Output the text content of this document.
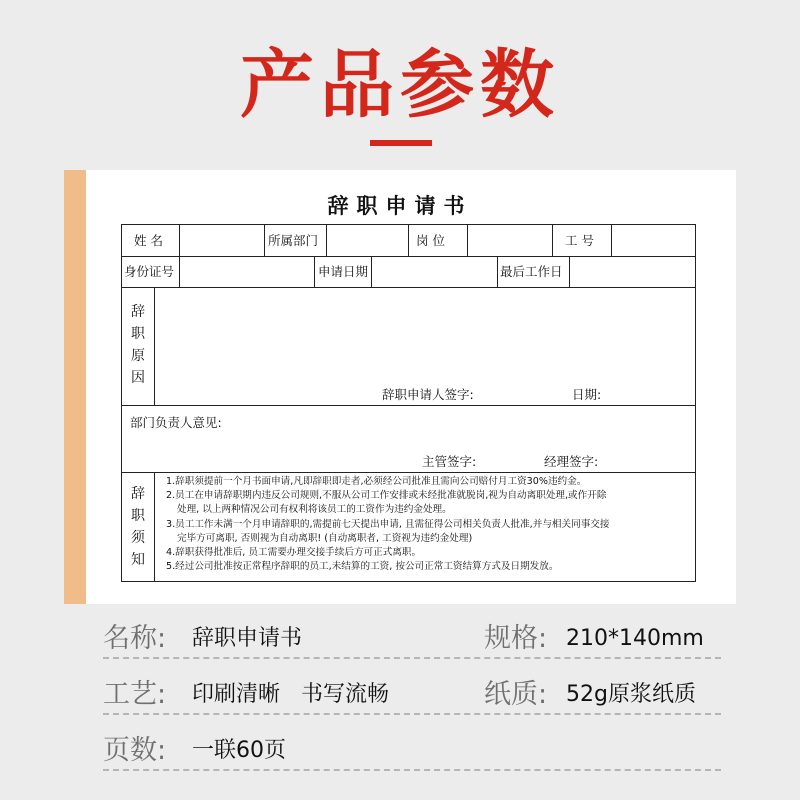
产品参数
辞职申请书
姓 名	所属部门	岗 位	工 号
身份证号	申请日期	最后工作日
辞
职
原
因
辞职申请人签字:	日期:
部门负责人意见:
主管签字:	经理签字:
辞
职
须
知
1.辞职须提前一个月书面申请,凡即辞职即走者,必须经公司批准且需向公司赔付月工资30%违约金。
2.员工在申请辞职期内违反公司规则,不服从公司工作安排或未经批准就脱岗,视为自动离职处理,或作开除
处理, 以上两种情况公司有权利将该员工的工资作为违约金处理。
3.员工工作未满一个月申请辞职的,需提前七天提出申请, 且需征得公司相关负责人批准,并与相关同事交接
完毕方可离职, 否则视为自动离职! (自动离职者, 工资视为违约金处理)
4.辞职获得批准后, 员工需要办理交接手续后方可正式离职。
5.经过公司批准按正常程序辞职的员工,未结算的工资, 按公司正常工资结算方式及日期发放。
名称: 辞职申请书	规格: 210*140mm
工艺: 印刷清晰   书写流畅	纸质: 52g原浆纸质
页数: 一联60页
